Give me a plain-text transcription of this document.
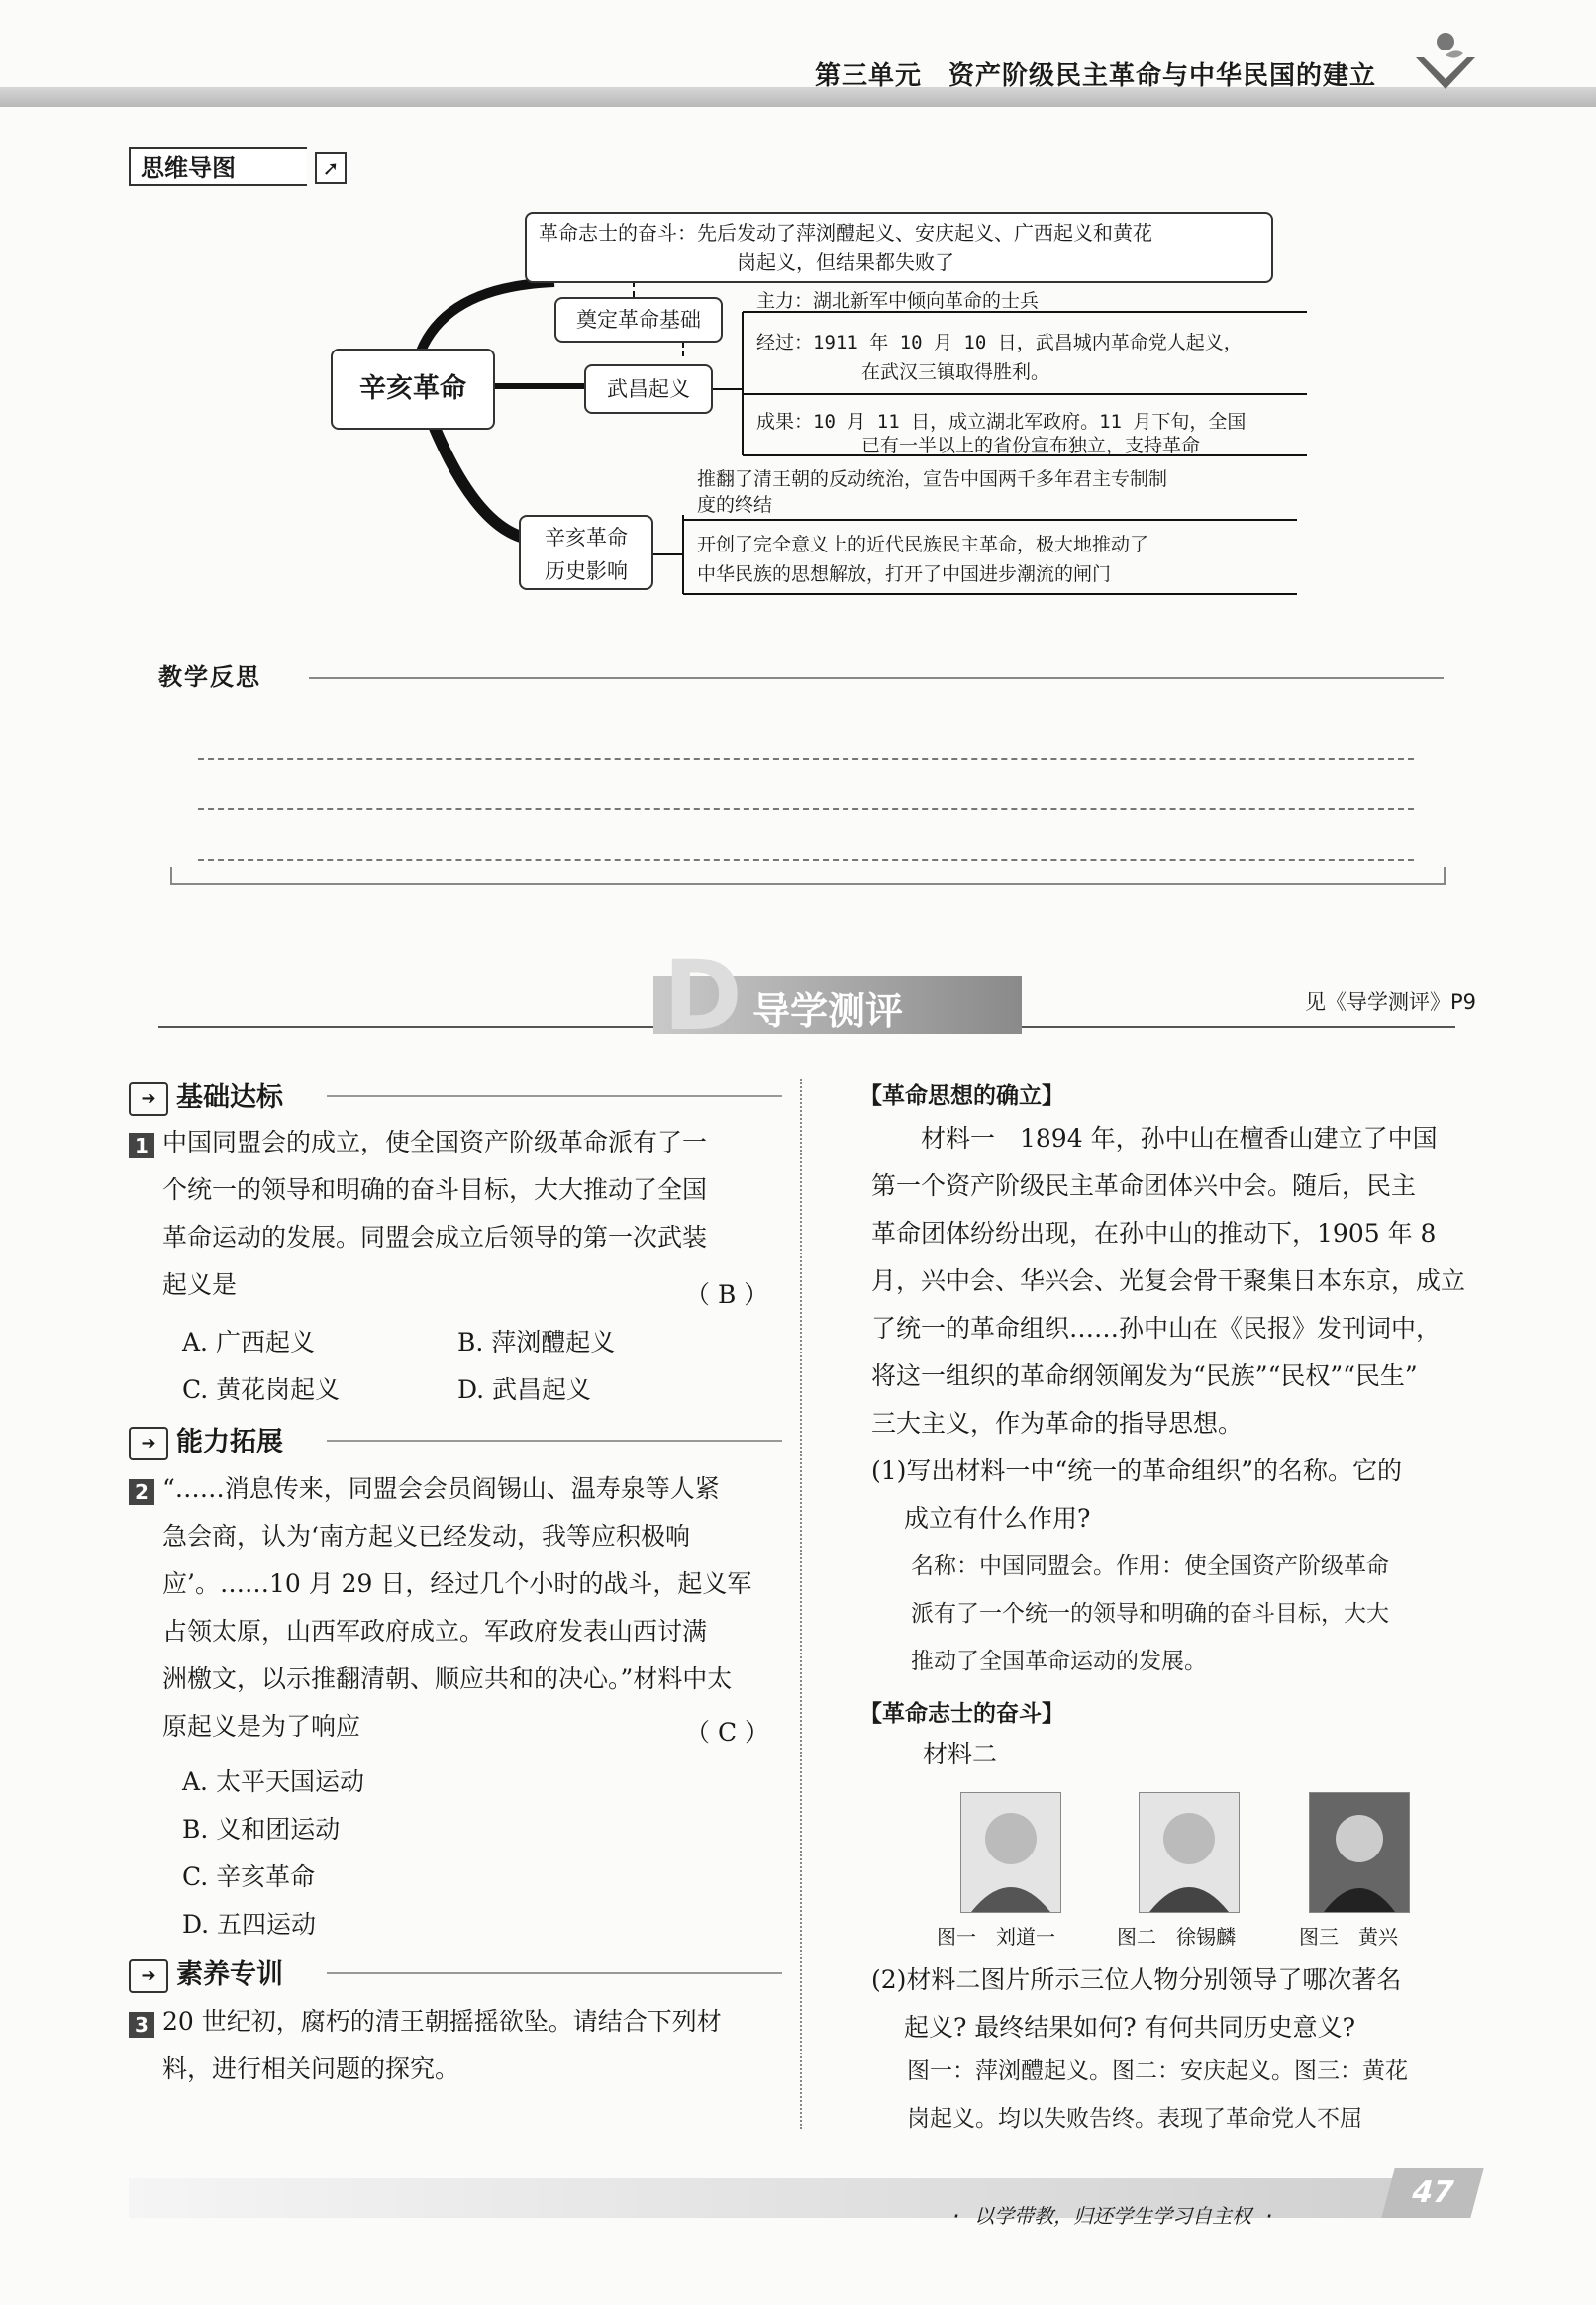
第三单元　资产阶级民主革命与中华民国的建立
思维导图	➚
辛亥革命
革命志士的奋斗：先后发动了萍浏醴起义、安庆起义、广西起义和黄花
岗起义，但结果都失败了
奠定革命基础
武昌起义
主力：湖北新军中倾向革命的士兵
经过：1911 年 10 月 10 日，武昌城内革命党人起义，
在武汉三镇取得胜利。
成果：10 月 11 日，成立湖北军政府。11 月下旬，全国
已有一半以上的省份宣布独立，支持革命
辛亥革命
历史影响
推翻了清王朝的反动统治，宣告中国两千多年君主专制制
度的终结
开创了完全意义上的近代民族民主革命，极大地推动了
中华民族的思想解放，打开了中国进步潮流的闸门
教学反思
D 导学测评	见《导学测评》P9
➔ 基础达标
1 中国同盟会的成立，使全国资产阶级革命派有了一
个统一的领导和明确的奋斗目标，大大推动了全国
革命运动的发展。同盟会成立后领导的第一次武装
起义是	（ B ）
A. 广西起义	B. 萍浏醴起义
C. 黄花岗起义	D. 武昌起义
➔ 能力拓展
2 “……消息传来，同盟会会员阎锡山、温寿泉等人紧
急会商，认为‘南方起义已经发动，我等应积极响
应’。……10 月 29 日，经过几个小时的战斗，起义军
占领太原，山西军政府成立。军政府发表山西讨满
洲檄文，以示推翻清朝、顺应共和的决心。”材料中太
原起义是为了响应	（ C ）
A. 太平天国运动
B. 义和团运动
C. 辛亥革命
D. 五四运动
➔ 素养专训
3 20 世纪初，腐朽的清王朝摇摇欲坠。请结合下列材
料，进行相关问题的探究。
【革命思想的确立】
　　材料一　1894 年，孙中山在檀香山建立了中国
第一个资产阶级民主革命团体兴中会。随后，民主
革命团体纷纷出现，在孙中山的推动下，1905 年 8
月，兴中会、华兴会、光复会骨干聚集日本东京，成立
了统一的革命组织……孙中山在《民报》发刊词中，
将这一组织的革命纲领阐发为“民族”“民权”“民生”
三大主义，作为革命的指导思想。
(1)写出材料一中“统一的革命组织”的名称。它的
　 成立有什么作用?
名称：中国同盟会。作用：使全国资产阶级革命
派有了一个统一的领导和明确的奋斗目标，大大
推动了全国革命运动的发展。
【革命志士的奋斗】
材料二
图一　刘道一	图二　徐锡麟	图三　黄兴
(2)材料二图片所示三位人物分别领导了哪次著名
　 起义? 最终结果如何? 有何共同历史意义?
图一：萍浏醴起义。图二：安庆起义。图三：黄花
岗起义。均以失败告终。表现了革命党人不屈
· 以学带教，归还学生学习自主权 ·
47
